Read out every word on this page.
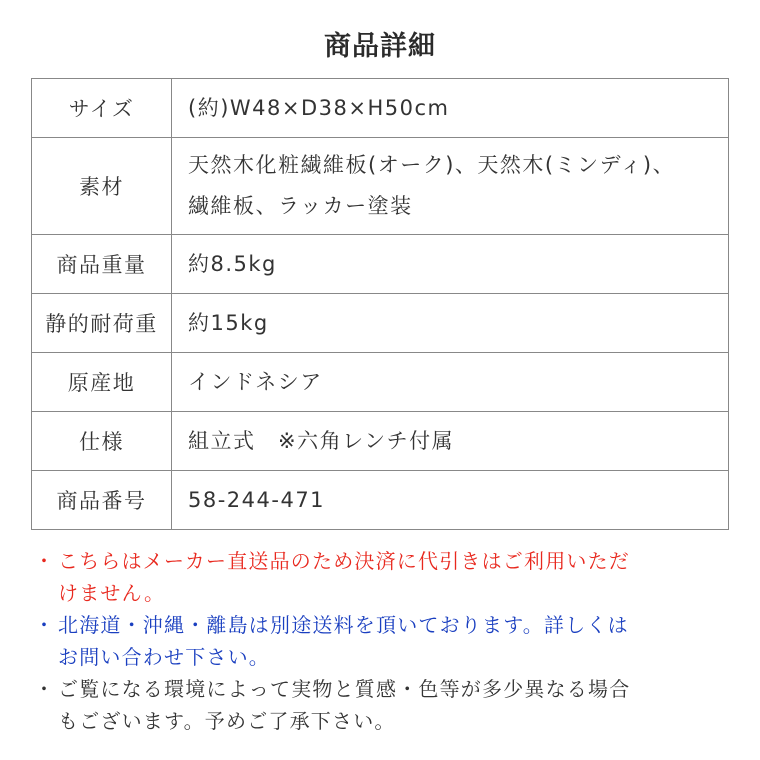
商品詳細
サイズ	(約)W48×D38×H50cm
素材	天然木化粧繊維板(オーク)、天然木(ミンディ)、
繊維板、ラッカー塗装

商品重量	約8.5kg
静的耐荷重	約15kg
原産地	インドネシア
仕様	組立式　※六角レンチ付属
商品番号	58-244-471
・ こちらはメーカー直送品のため決済に代引きはご利用いただ
けません。
・ 北海道・沖縄・離島は別途送料を頂いております。詳しくは
お問い合わせ下さい。
・ ご覧になる環境によって実物と質感・色等が多少異なる場合
もございます。予めご了承下さい。
